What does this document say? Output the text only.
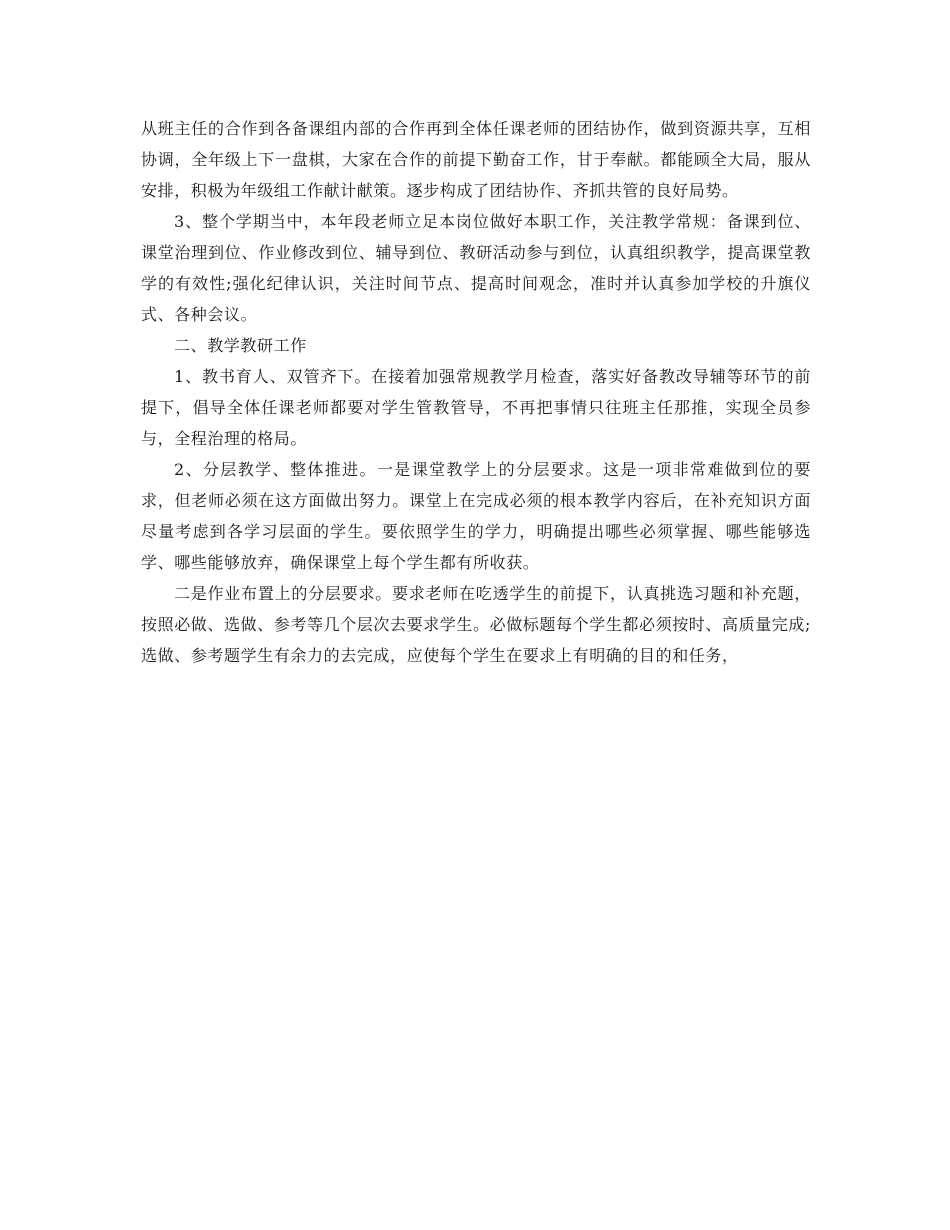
从班主任的合作到各备课组内部的合作再到全体任课老师的团结协作，做到资源共享，互相协调，全年级上下一盘棋，大家在合作的前提下勤奋工作，甘于奉献。都能顾全大局，服从安排，积极为年级组工作献计献策。逐步构成了团结协作、齐抓共管的良好局势。

3、整个学期当中，本年段老师立足本岗位做好本职工作，关注教学常规：备课到位、课堂治理到位、作业修改到位、辅导到位、教研活动参与到位，认真组织教学，提高课堂教学的有效性;强化纪律认识，关注时间节点、提高时间观念，准时并认真参加学校的升旗仪式、各种会议。

二、教学教研工作

1、教书育人、双管齐下。在接着加强常规教学月检查，落实好备教改导辅等环节的前提下，倡导全体任课老师都要对学生管教管导，不再把事情只往班主任那推，实现全员参与，全程治理的格局。

2、分层教学、整体推进。一是课堂教学上的分层要求。这是一项非常难做到位的要求，但老师必须在这方面做出努力。课堂上在完成必须的根本教学内容后，在补充知识方面尽量考虑到各学习层面的学生。要依照学生的学力，明确提出哪些必须掌握、哪些能够选学、哪些能够放弃，确保课堂上每个学生都有所收获。

二是作业布置上的分层要求。要求老师在吃透学生的前提下，认真挑选习题和补充题，按照必做、选做、参考等几个层次去要求学生。必做标题每个学生都必须按时、高质量完成;选做、参考题学生有余力的去完成，应使每个学生在要求上有明确的目的和任务，
